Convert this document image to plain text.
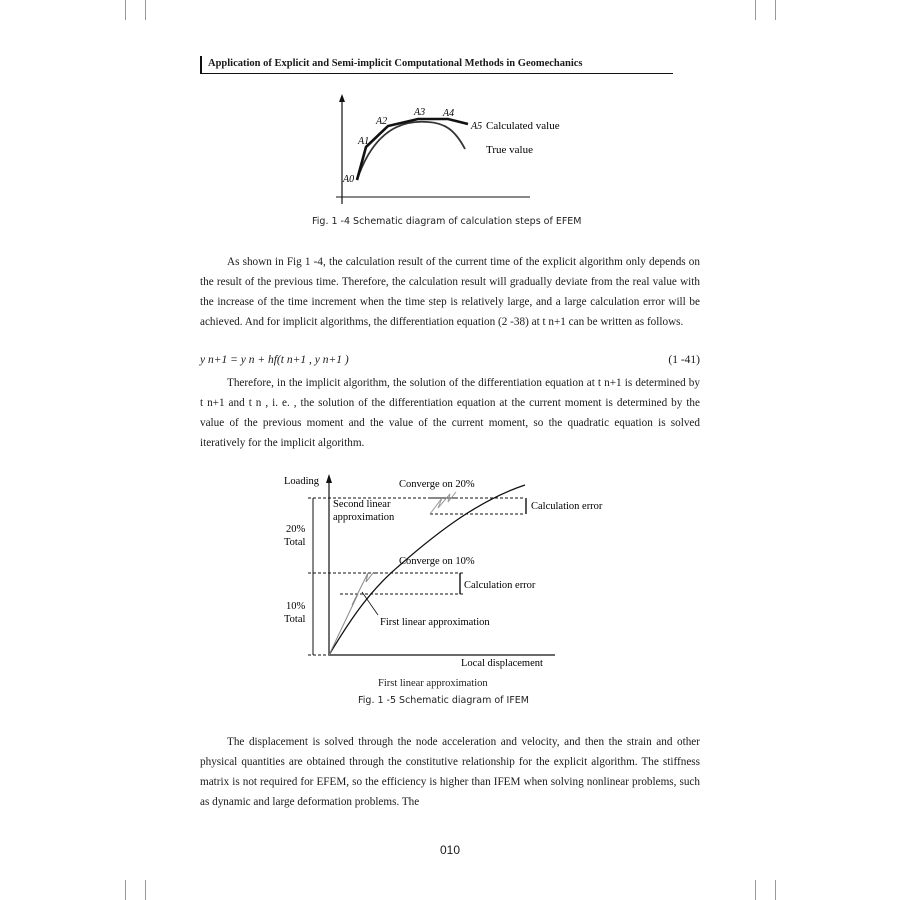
Application of Explicit and Semi-implicit Computational Methods in Geomechanics
A0
A1
A2
A3 A4
A5 Calculated value
True value
Fig. 1 -4 Schematic diagram of calculation steps of EFEM

As shown in Fig 1 -4, the calculation result of the current time of the explicit algorithm only depends on the result of the previous time. Therefore, the calculation result will gradually deviate from the real value with the increase of the time increment when the time step is relatively large, and a large calculation error will be achieved. And for implicit algorithms, the differentiation equation (2 -38) at t n+1 can be written as follows.

y n+1 = y n + hf(t n+1 , y n+1 )	(1 -41)

Therefore, in the implicit algorithm, the solution of the differentiation equation at t n+1 is determined by t n+1 and t n , i. e. , the solution of the differentiation equation at the current moment is determined by the value of the previous moment and the value of the current moment, so the quadratic equation is solved iteratively for the implicit algorithm.

Loading	Converge on 20%
Second linear
approximation
Calculation error
20%
Total
Converge on 10%
Calculation error
10%
Total	First linear approximation
Local displacement
First linear approximation
Fig. 1 -5 Schematic diagram of IFEM

The displacement is solved through the node acceleration and velocity, and then the strain and other physical quantities are obtained through the constitutive relationship for the explicit algorithm. The stiffness matrix is not required for EFEM, so the efficiency is higher than IFEM when solving nonlinear problems, such as dynamic and large deformation problems. The

010
